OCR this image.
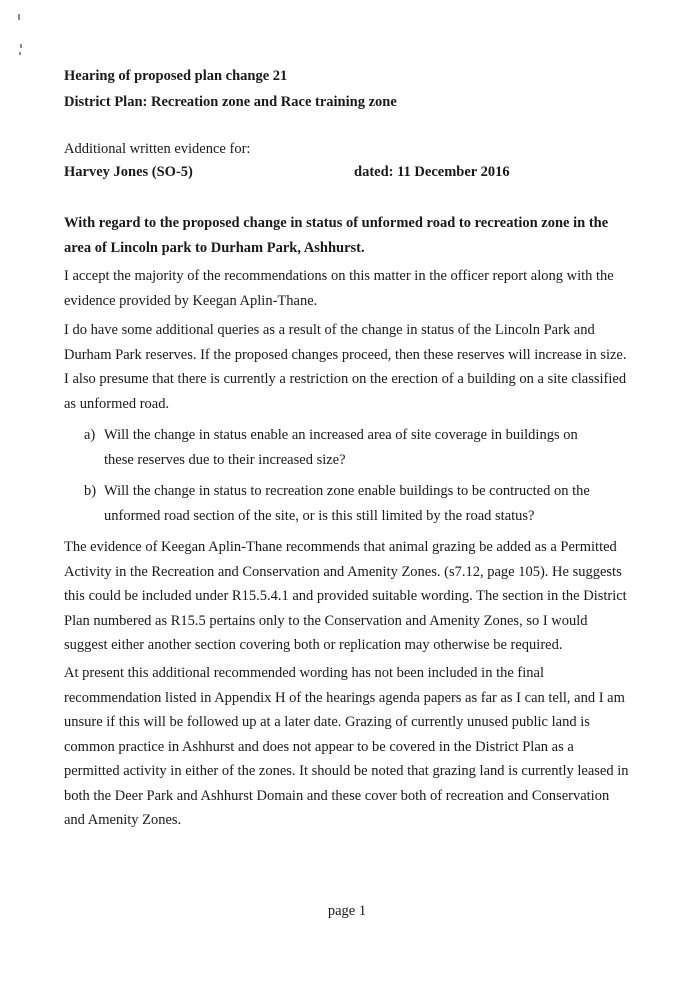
Hearing of proposed plan change 21
District Plan: Recreation zone and Race training zone
Additional written evidence for:
Harvey Jones (SO-5)	dated: 11 December 2016

With regard to the proposed change in status of unformed road to recreation zone in the area of Lincoln park to Durham Park, Ashhurst.

I accept the majority of the recommendations on this matter in the officer report along with the evidence provided by Keegan Aplin-Thane.

I do have some additional queries as a result of the change in status of the Lincoln Park and Durham Park reserves. If the proposed changes proceed, then these reserves will increase in size. I also presume that there is currently a restriction on the erection of a building on a site classified as unformed road.

a) Will the change in status enable an increased area of site coverage in buildings on these reserves due to their increased size?
b) Will the change in status to recreation zone enable buildings to be contructed on the unformed road section of the site, or is this still limited by the road status?

The evidence of Keegan Aplin-Thane recommends that animal grazing be added as a Permitted Activity in the Recreation and Conservation and Amenity Zones. (s7.12, page 105). He suggests this could be included under R15.5.4.1 and provided suitable wording. The section in the District Plan numbered as R15.5 pertains only to the Conservation and Amenity Zones, so I would suggest either another section covering both or replication may otherwise be required.

At present this additional recommended wording has not been included in the final recommendation listed in Appendix H of the hearings agenda papers as far as I can tell, and I am unsure if this will be followed up at a later date. Grazing of currently unused public land is common practice in Ashhurst and does not appear to be covered in the District Plan as a permitted activity in either of the zones. It should be noted that grazing land is currently leased in both the Deer Park and Ashhurst Domain and these cover both of recreation and Conservation and Amenity Zones.

page 1
